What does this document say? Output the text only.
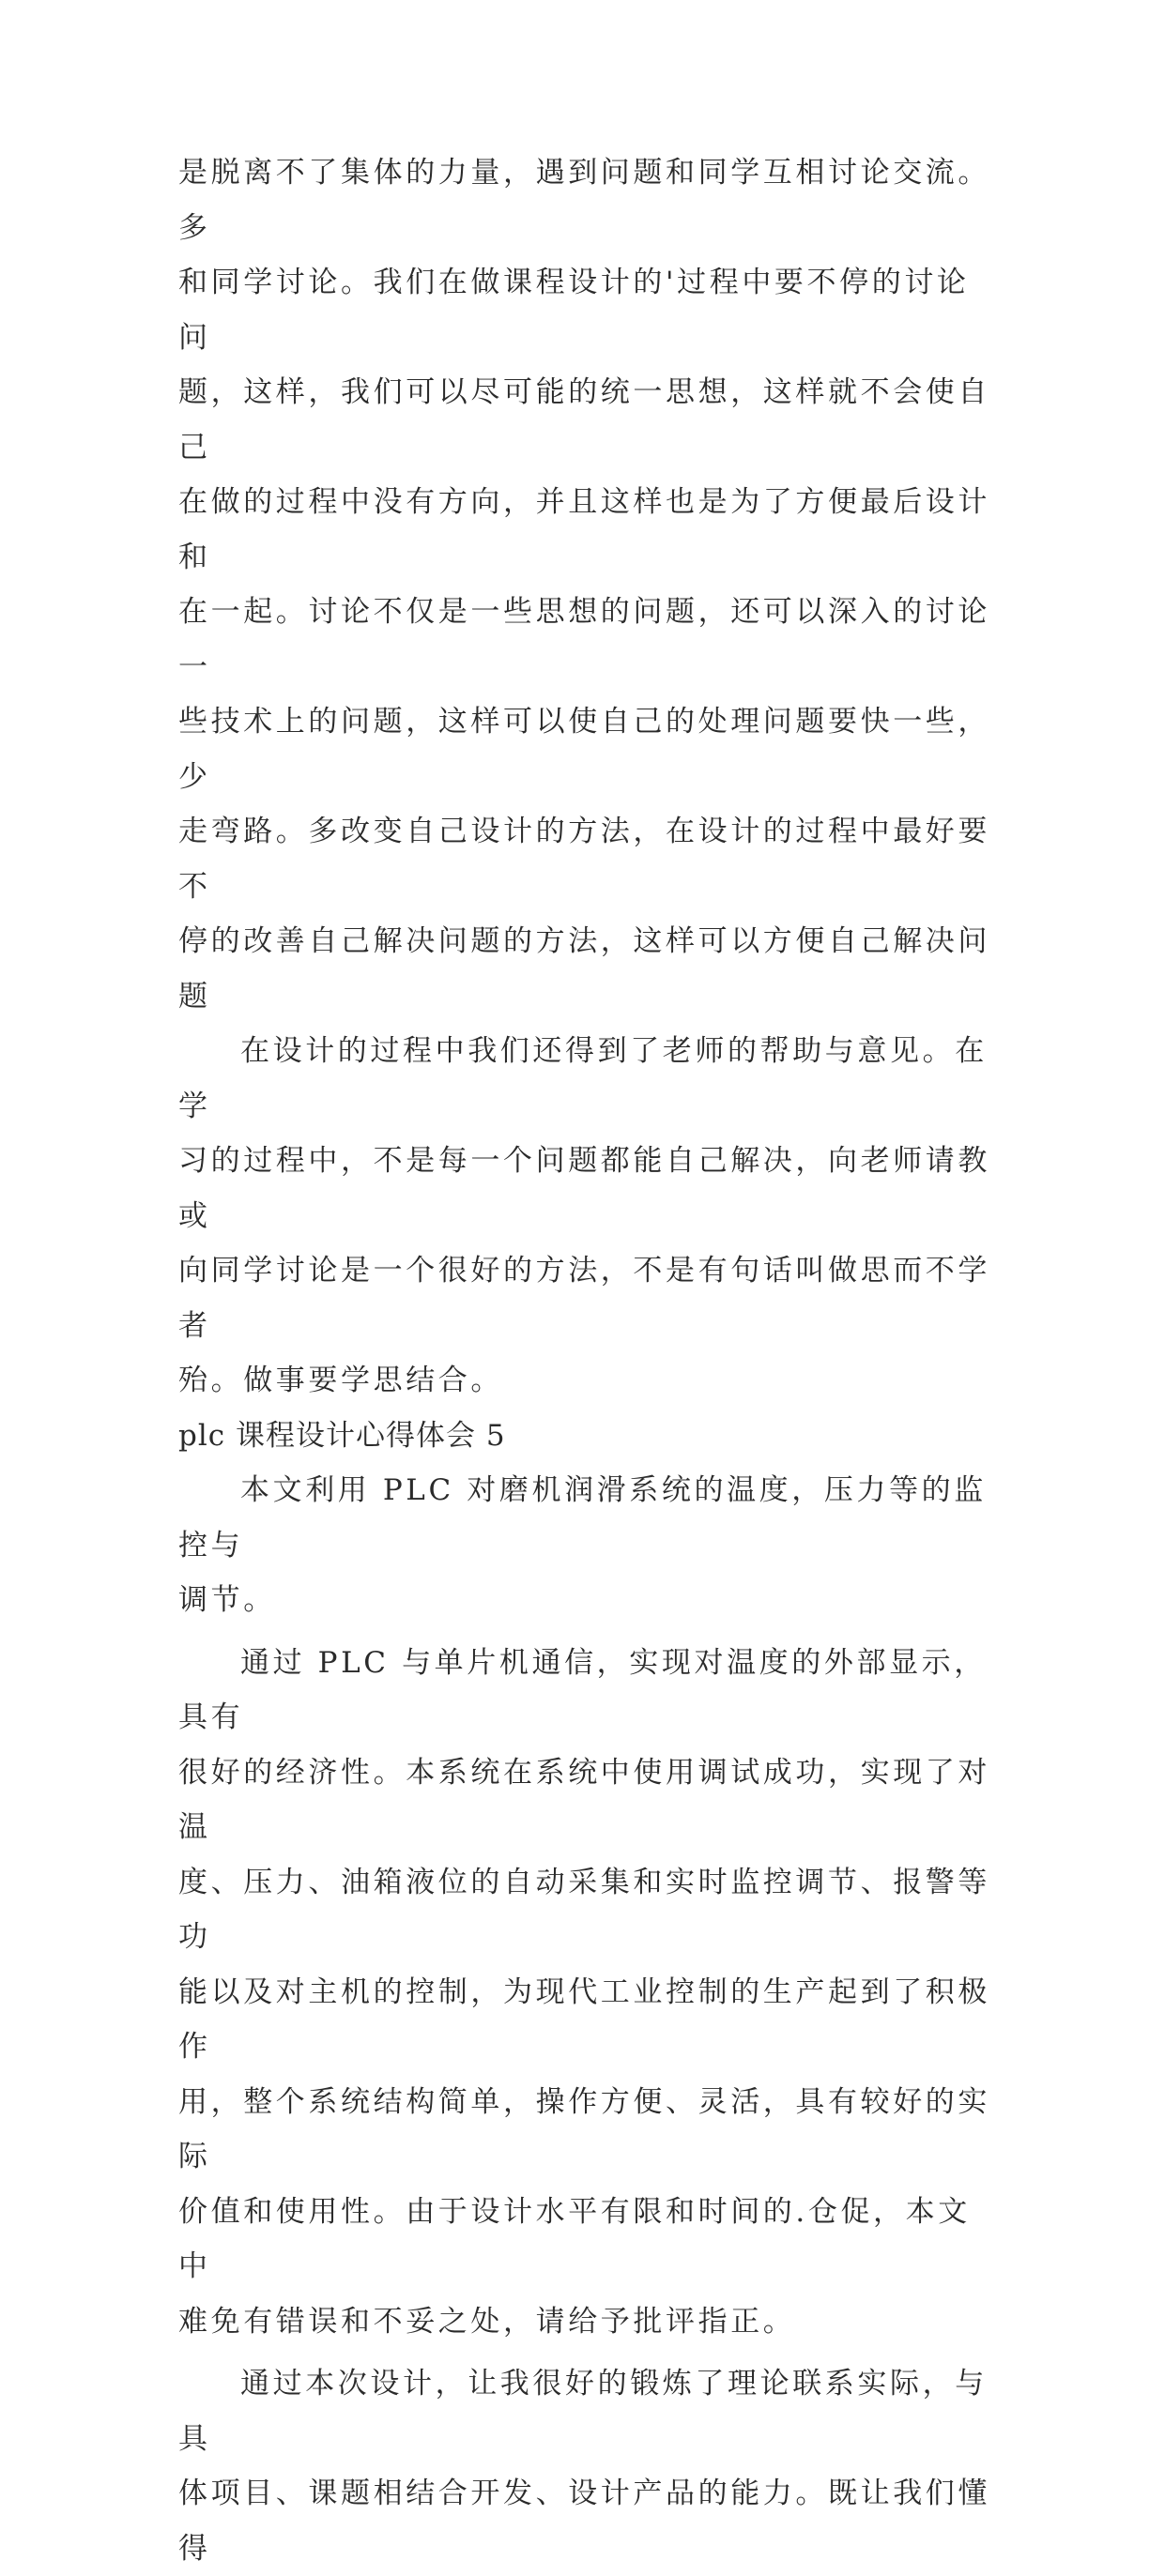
是脱离不了集体的力量，遇到问题和同学互相讨论交流。多
和同学讨论。我们在做课程设计的'过程中要不停的讨论问
题，这样，我们可以尽可能的统一思想，这样就不会使自己
在做的过程中没有方向，并且这样也是为了方便最后设计和
在一起。讨论不仅是一些思想的问题，还可以深入的讨论一
些技术上的问题，这样可以使自己的处理问题要快一些，少
走弯路。多改变自己设计的方法，在设计的过程中最好要不
停的改善自己解决问题的方法，这样可以方便自己解决问题

在设计的过程中我们还得到了老师的帮助与意见。在学
习的过程中，不是每一个问题都能自己解决，向老师请教或
向同学讨论是一个很好的方法，不是有句话叫做思而不学者
殆。做事要学思结合。

plc 课程设计心得体会 5

本文利用 PLC 对磨机润滑系统的温度，压力等的监控与
调节。

通过 PLC 与单片机通信，实现对温度的外部显示，具有
很好的经济性。本系统在系统中使用调试成功，实现了对温
度、压力、油箱液位的自动采集和实时监控调节、报警等功
能以及对主机的控制，为现代工业控制的生产起到了积极作
用，整个系统结构简单，操作方便、灵活，具有较好的实际
价值和使用性。由于设计水平有限和时间的.仓促，本文中
难免有错误和不妥之处，请给予批评指正。

通过本次设计，让我很好的锻炼了理论联系实际，与具
体项目、课题相结合开发、设计产品的能力。既让我们懂得
